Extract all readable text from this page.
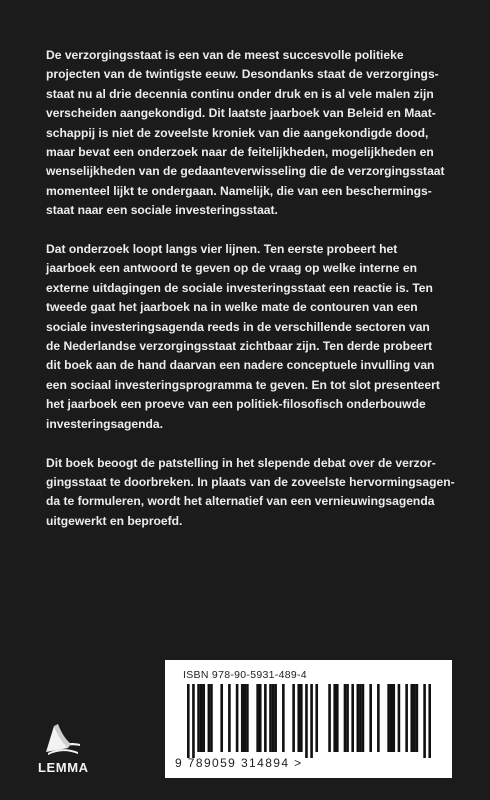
De verzorgingsstaat is een van de meest succesvolle politieke
projecten van de twintigste eeuw. Desondanks staat de verzorgings-
staat nu al drie decennia continu onder druk en is al vele malen zijn
verscheiden aangekondigd. Dit laatste jaarboek van Beleid en Maat-
schappij is niet de zoveelste kroniek van die aangekondigde dood,
maar bevat een onderzoek naar de feitelijkheden, mogelijkheden en
wenselijkheden van de gedaanteverwisseling die de verzorgingsstaat
momenteel lijkt te ondergaan. Namelijk, die van een beschermings-
staat naar een sociale investeringsstaat.

Dat onderzoek loopt langs vier lijnen. Ten eerste probeert het
jaarboek een antwoord te geven op de vraag op welke interne en
externe uitdagingen de sociale investeringsstaat een reactie is. Ten
tweede gaat het jaarboek na in welke mate de contouren van een
sociale investeringsagenda reeds in de verschillende sectoren van
de Nederlandse verzorgingsstaat zichtbaar zijn. Ten derde probeert
dit boek aan de hand daarvan een nadere conceptuele invulling van
een sociaal investeringsprogramma te geven. En tot slot presenteert
het jaarboek een proeve van een politiek-filosofisch onderbouwde
investeringsagenda.

Dit boek beoogt de patstelling in het slepende debat over de verzor-
gingsstaat te doorbreken. In plaats van de zoveelste hervormingsagen-
da te formuleren, wordt het alternatief van een vernieuwingsagenda
uitgewerkt en beproefd.

LEMMA
ISBN 978-90-5931-489-4
9 789059 314894 >
